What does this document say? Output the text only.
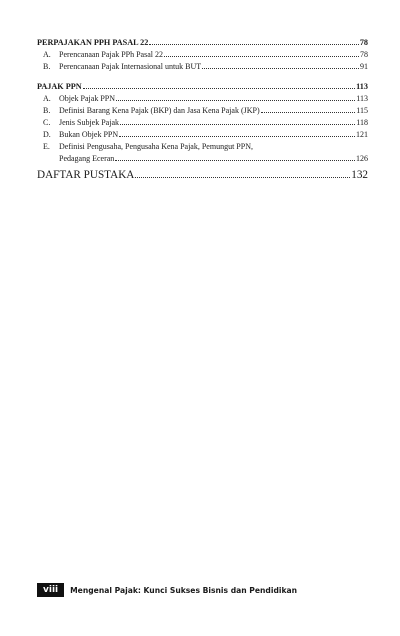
PERPAJAKAN PPH PASAL 22	78
A.	Perencanaan Pajak PPh Pasal 22	78
B.	Perencanaan Pajak Internasional untuk BUT	91
PAJAK PPN	113
A.	Objek Pajak PPN	113
B.	Definisi Barang Kena Pajak (BKP) dan Jasa Kena Pajak (JKP)	115
C.	Jenis Subjek Pajak	118
D.	Bukan Objek PPN	121
E.	Definisi Pengusaha, Pengusaha Kena Pajak, Pemungut PPN,
Pedagang Eceran	126
DAFTAR PUSTAKA	132
viii	Mengenal Pajak: Kunci Sukses Bisnis dan Pendidikan
